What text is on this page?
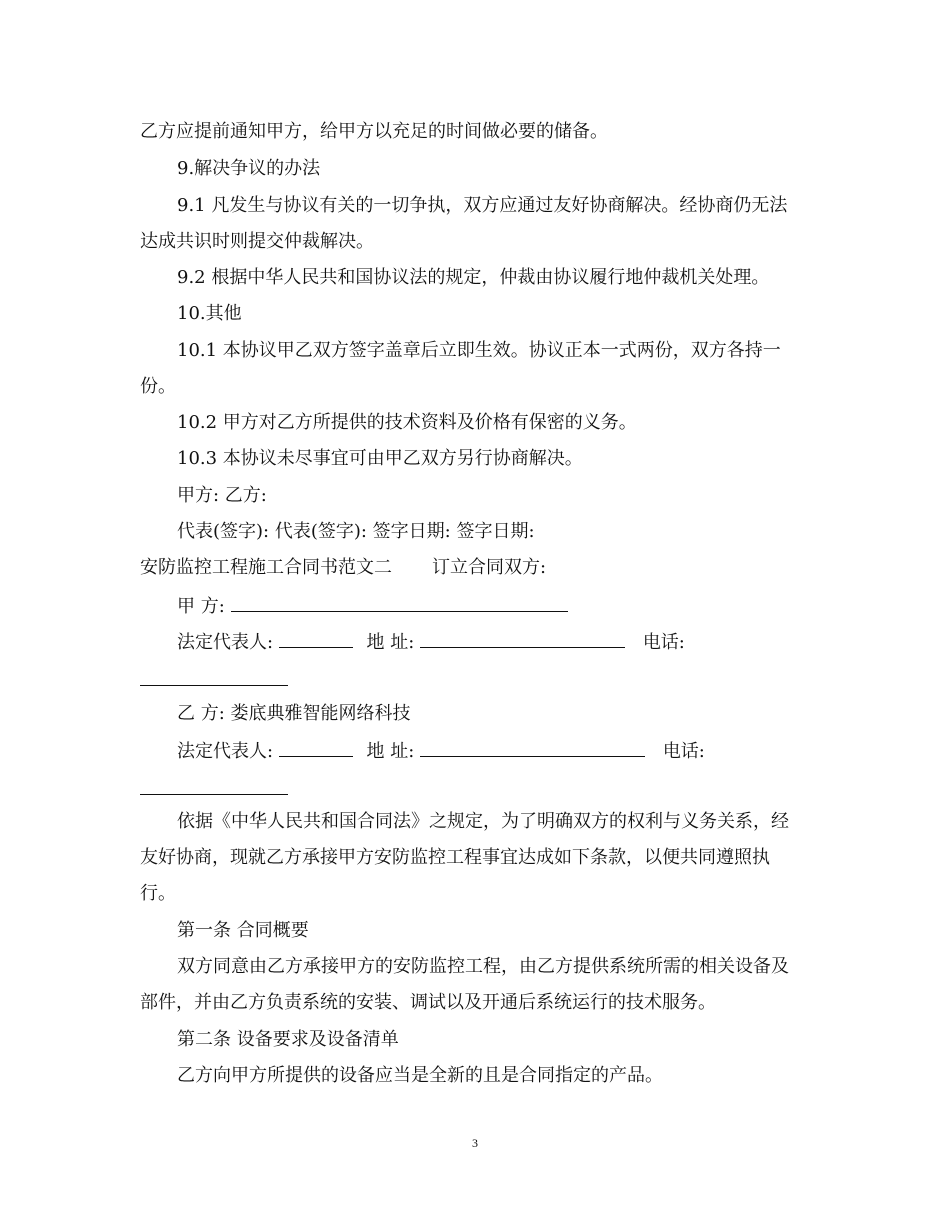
乙方应提前通知甲方，给甲方以充足的时间做必要的储备。
9.解决争议的办法
9.1 凡发生与协议有关的一切争执，双方应通过友好协商解决。经协商仍无法
达成共识时则提交仲裁解决。
9.2 根据中华人民共和国协议法的规定，仲裁由协议履行地仲裁机关处理。
10.其他
10.1 本协议甲乙双方签字盖章后立即生效。协议正本一式两份，双方各持一
份。
10.2 甲方对乙方所提供的技术资料及价格有保密的义务。
10.3 本协议未尽事宜可由甲乙双方另行协商解决。
甲方: 乙方:
代表(签字): 代表(签字): 签字日期: 签字日期:
安防监控工程施工合同书范文二 订立合同双方:
甲 方:
法定代表人:	地 址:	电话:
乙 方: 娄底典雅智能网络科技
法定代表人:	地 址:	电话:
依据《中华人民共和国合同法》之规定，为了明确双方的权利与义务关系，经
友好协商，现就乙方承接甲方安防监控工程事宜达成如下条款，以便共同遵照执
行。
第一条 合同概要
双方同意由乙方承接甲方的安防监控工程，由乙方提供系统所需的相关设备及
部件，并由乙方负责系统的安装、调试以及开通后系统运行的技术服务。
第二条 设备要求及设备清单
乙方向甲方所提供的设备应当是全新的且是合同指定的产品。
3
